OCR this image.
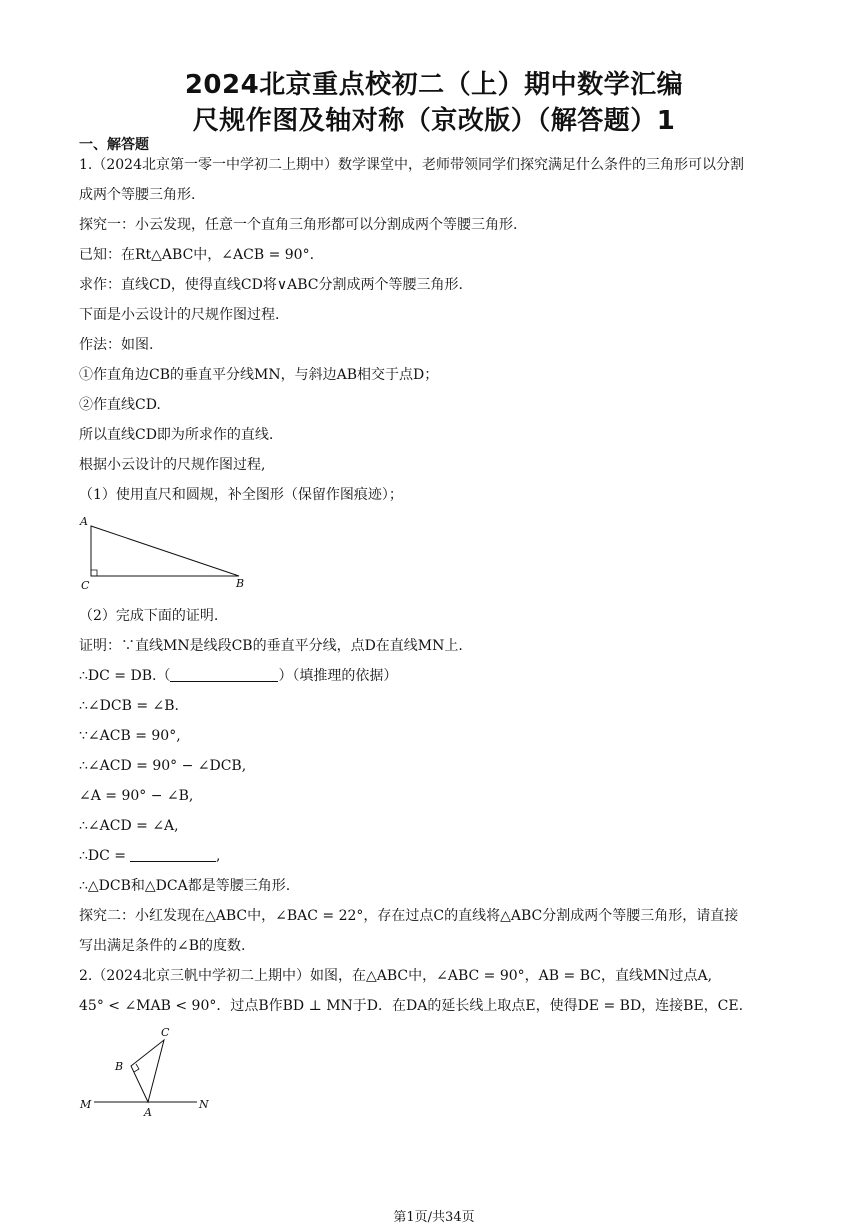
2024北京重点校初二（上）期中数学汇编
尺规作图及轴对称（京改版）（解答题）1
一、解答题
1.（2024北京第一零一中学初二上期中）数学课堂中，老师带领同学们探究满足什么条件的三角形可以分割
成两个等腰三角形.
探究一：小云发现，任意一个直角三角形都可以分割成两个等腰三角形.
已知：在Rt△ABC中，∠ACB = 90°.
求作：直线CD，使得直线CD将∨ABC分割成两个等腰三角形.
下面是小云设计的尺规作图过程.
作法：如图.
①作直角边CB的垂直平分线MN，与斜边AB相交于点D；
②作直线CD.
所以直线CD即为所求作的直线.
根据小云设计的尺规作图过程,
（1）使用直尺和圆规，补全图形（保留作图痕迹）；
A
C	B
（2）完成下面的证明.
证明：∵直线MN是线段CB的垂直平分线，点D在直线MN上.
∴DC = DB.（	）（填推理的依据）
∴∠DCB = ∠B.
∵∠ACB = 90°,
∴∠ACD = 90° − ∠DCB,
∠A = 90° − ∠B,
∴∠ACD = ∠A,
∴DC =	,
∴△DCB和△DCA都是等腰三角形.
探究二：小红发现在△ABC中，∠BAC = 22°，存在过点C的直线将△ABC分割成两个等腰三角形，请直接
写出满足条件的∠B的度数.
2.（2024北京三帆中学初二上期中）如图，在△ABC中，∠ABC = 90°，AB = BC，直线MN过点A,
45° < ∠MAB < 90°．过点B作BD ⊥ MN于D．在DA的延长线上取点E，使得DE = BD，连接BE，CE.
C
B
M
A
N
第1页/共34页
